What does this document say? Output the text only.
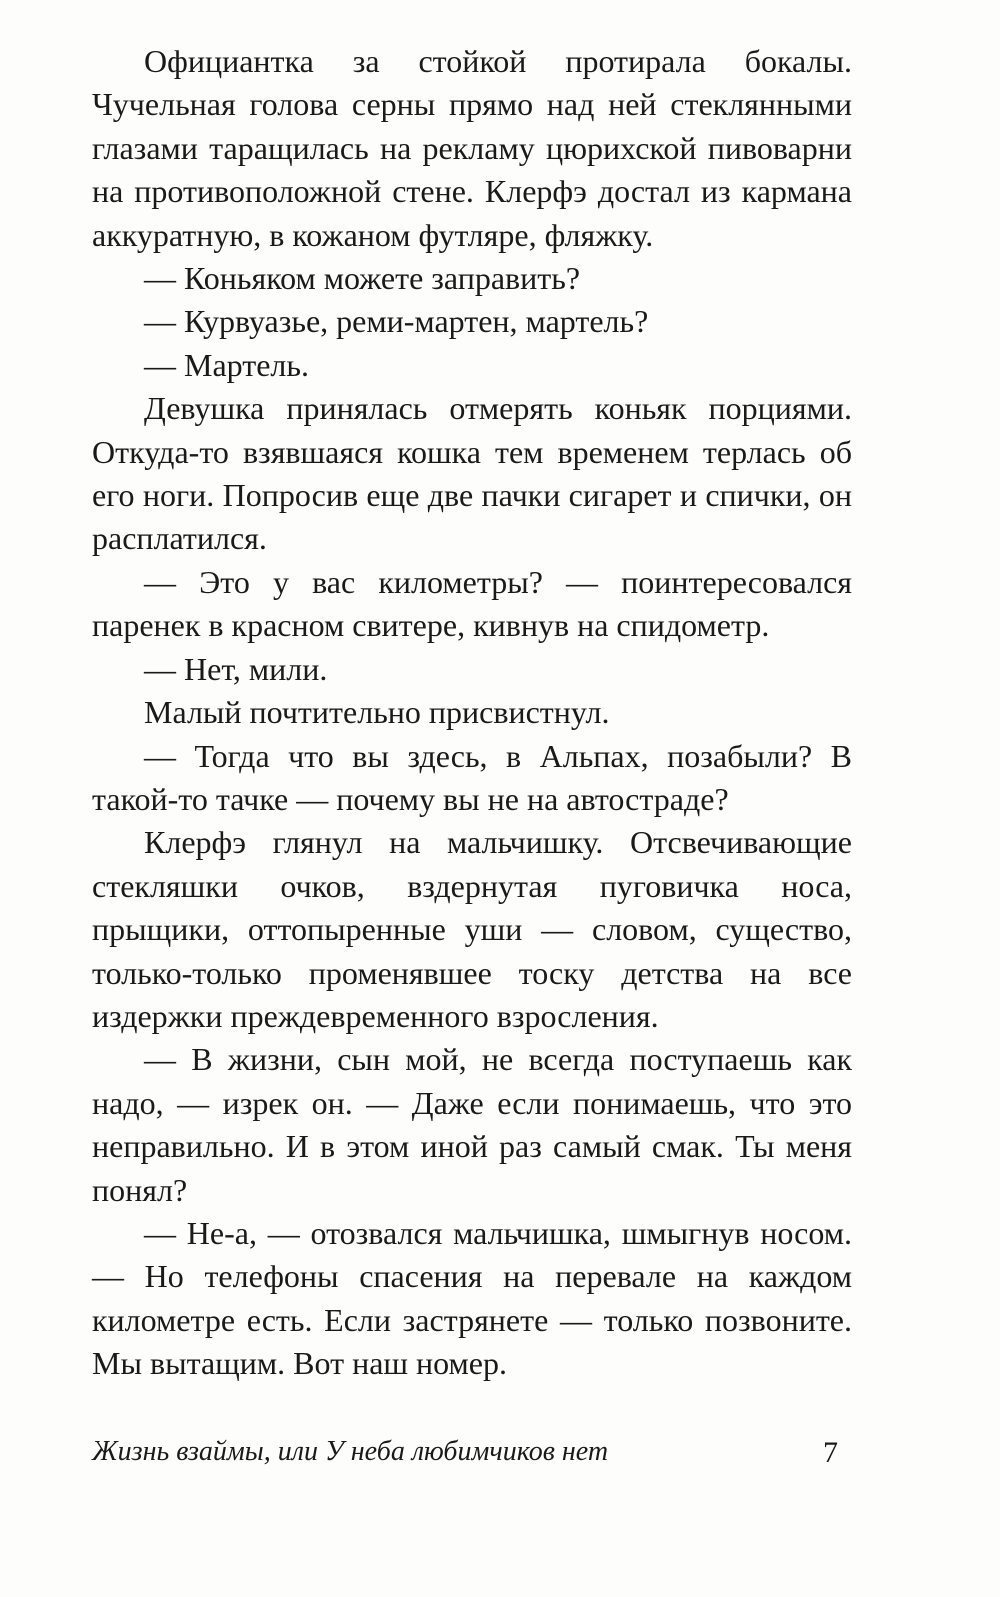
Официантка за стойкой протирала бокалы. Чучельная голова серны прямо над ней стеклянными глазами таращилась на рекламу цюрихской пивоварни на противоположной стене. Клерфэ достал из кармана аккуратную, в кожаном футляре, фляжку.

— Коньяком можете заправить?

— Курвуазье, реми-мартен, мартель?

— Мартель.

Девушка принялась отмерять коньяк порциями. Откуда-то взявшаяся кошка тем временем терлась об его ноги. Попросив еще две пачки сигарет и спички, он расплатился.

— Это у вас километры? — поинтересовался паренек в красном свитере, кивнув на спидометр.

— Нет, мили.

Малый почтительно присвистнул.

— Тогда что вы здесь, в Альпах, позабыли? В такой-то тачке — почему вы не на автостраде?

Клерфэ глянул на мальчишку. Отсвечивающие стекляшки очков, вздернутая пуговичка носа, прыщики, оттопыренные уши — словом, существо, только-только променявшее тоску детства на все издержки преждевременного взросления.

— В жизни, сын мой, не всегда поступаешь как надо, — изрек он. — Даже если понимаешь, что это неправильно. И в этом иной раз самый смак. Ты меня понял?

— Не-а, — отозвался мальчишка, шмыгнув носом. — Но телефоны спасения на перевале на каждом километре есть. Если застрянете — только позвоните. Мы вытащим. Вот наш номер.

Жизнь взаймы, или У неба любимчиков нет	7
